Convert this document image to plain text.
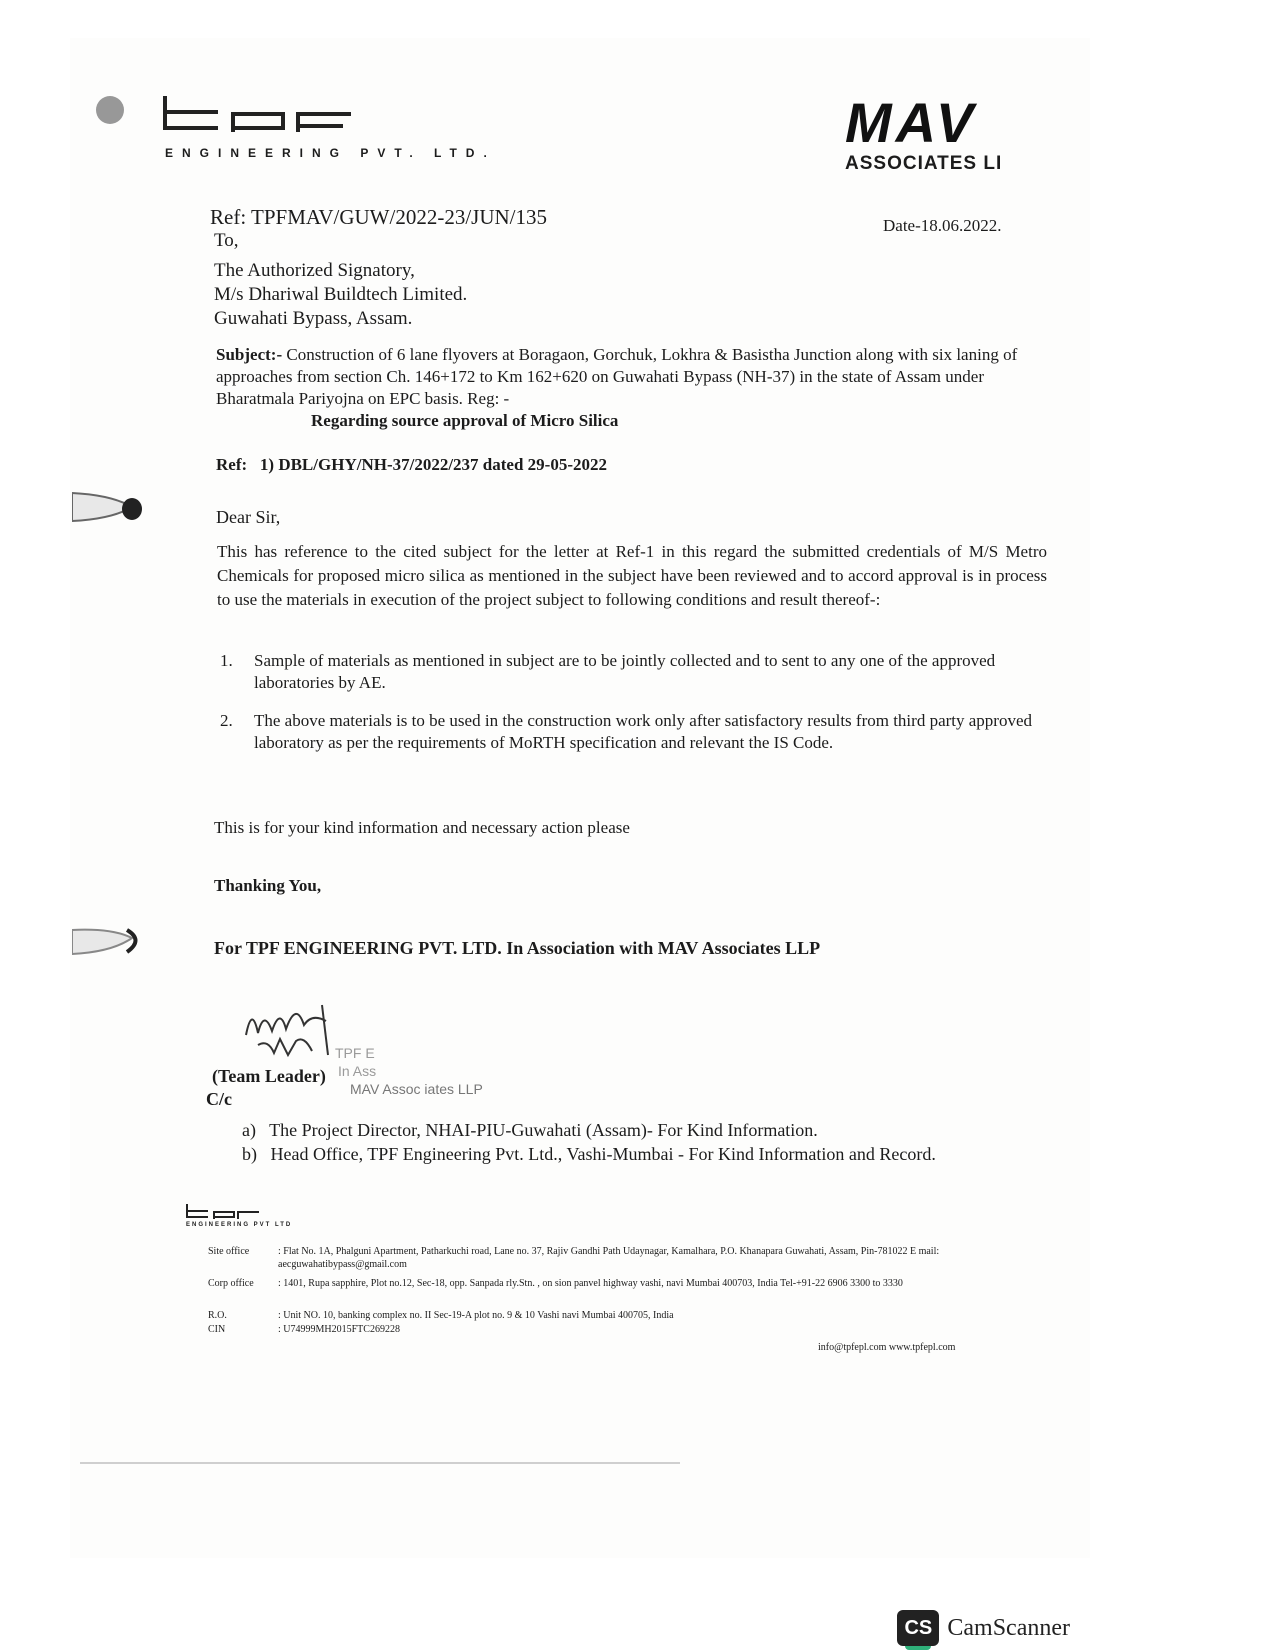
ENGINEERING PVT. LTD.	MAV
ASSOCIATES LI
Ref: TPFMAV/GUW/2022-23/JUN/135	Date-18.06.2022.
To,
The Authorized Signatory,
M/s Dhariwal Buildtech Limited.
Guwahati Bypass, Assam.
Subject:- Construction of 6 lane flyovers at Boragaon, Gorchuk, Lokhra & Basistha Junction along with six laning of approaches from section Ch. 146+172 to Km 162+620 on Guwahati Bypass (NH-37) in the state of Assam under Bharatmala Pariyojna on EPC basis. Reg: -
Regarding source approval of Micro Silica
Ref: 1) DBL/GHY/NH-37/2022/237 dated 29-05-2022
Dear Sir,
This has reference to the cited subject for the letter at Ref-1 in this regard the submitted credentials of M/S Metro Chemicals for proposed micro silica as mentioned in the subject have been reviewed and to accord approval is in process to use the materials in execution of the project subject to following conditions and result thereof-:
1.	Sample of materials as mentioned in subject are to be jointly collected and to sent to any one of the approved laboratories by AE.
2.	The above materials is to be used in the construction work only after satisfactory results from third party approved laboratory as per the requirements of MoRTH specification and relevant the IS Code.
This is for your kind information and necessary action please
Thanking You,
For TPF ENGINEERING PVT. LTD. In Association with MAV Associates LLP
TPF E
In Ass
MAV Assoc iates LLP
(Team Leader)
C/c
a) The Project Director, NHAI-PIU-Guwahati (Assam)- For Kind Information.
b) Head Office, TPF Engineering Pvt. Ltd., Vashi-Mumbai - For Kind Information and Record.
ENGINEERING PVT LTD
Site office	: Flat No. 1A, Phalguni Apartment, Patharkuchi road, Lane no. 37, Rajiv Gandhi Path Udaynagar, Kamalhara, P.O. Khanapara Guwahati, Assam, Pin-781022 E mail: aecguwahatibypass@gmail.com
Corp office	: 1401, Rupa sapphire, Plot no.12, Sec-18, opp. Sanpada rly.Stn. , on sion panvel highway vashi, navi Mumbai 400703, India Tel-+91-22 6906 3300 to 3330
R.O.	: Unit NO. 10, banking complex no. II Sec-19-A plot no. 9 & 10 Vashi navi Mumbai 400705, India
CIN	: U74999MH2015FTC269228
info@tpfepl.com www.tpfepl.com
CS CamScanner
